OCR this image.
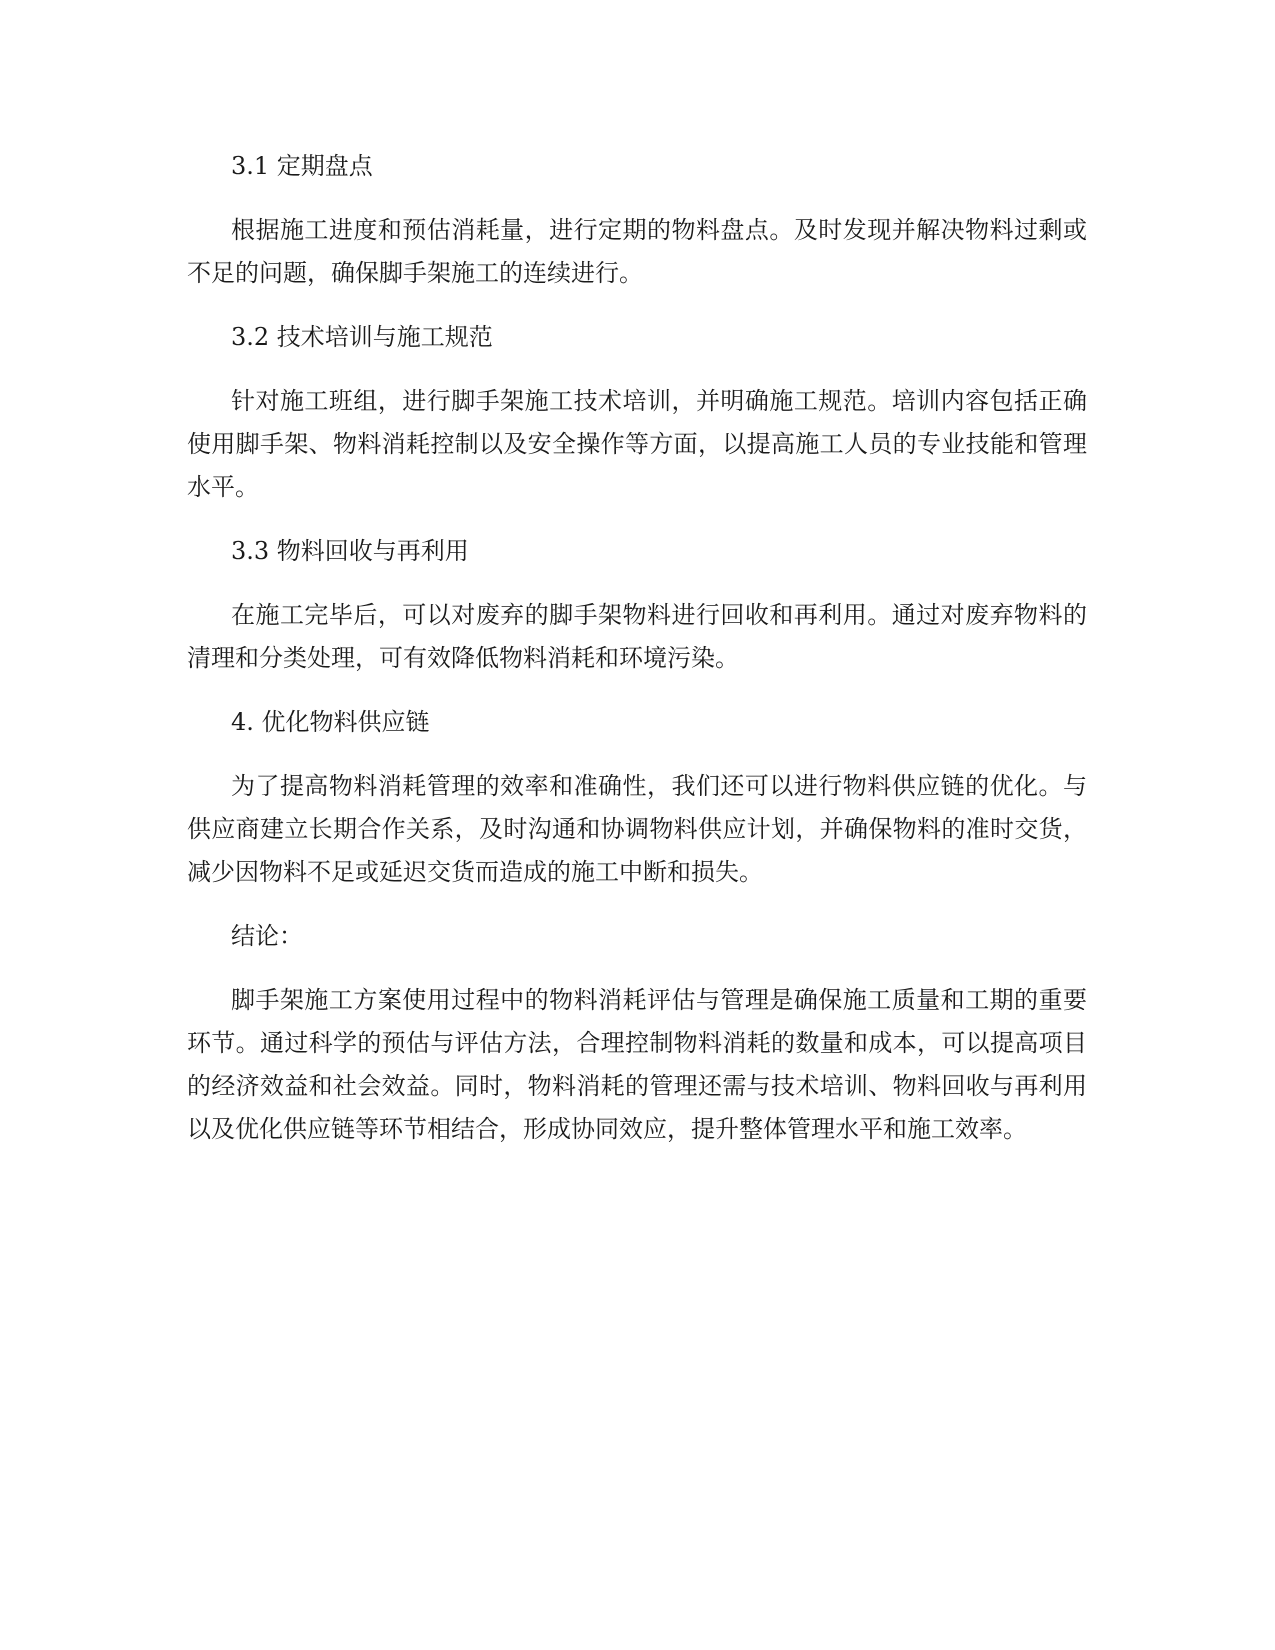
3.1 定期盘点

根据施工进度和预估消耗量，进行定期的物料盘点。及时发现并解决物料过剩或不足的问题，确保脚手架施工的连续进行。

3.2 技术培训与施工规范

针对施工班组，进行脚手架施工技术培训，并明确施工规范。培训内容包括正确使用脚手架、物料消耗控制以及安全操作等方面，以提高施工人员的专业技能和管理水平。

3.3 物料回收与再利用

在施工完毕后，可以对废弃的脚手架物料进行回收和再利用。通过对废弃物料的清理和分类处理，可有效降低物料消耗和环境污染。

4. 优化物料供应链

为了提高物料消耗管理的效率和准确性，我们还可以进行物料供应链的优化。与供应商建立长期合作关系，及时沟通和协调物料供应计划，并确保物料的准时交货，减少因物料不足或延迟交货而造成的施工中断和损失。

结论：

脚手架施工方案使用过程中的物料消耗评估与管理是确保施工质量和工期的重要环节。通过科学的预估与评估方法，合理控制物料消耗的数量和成本，可以提高项目的经济效益和社会效益。同时，物料消耗的管理还需与技术培训、物料回收与再利用以及优化供应链等环节相结合，形成协同效应，提升整体管理水平和施工效率。
